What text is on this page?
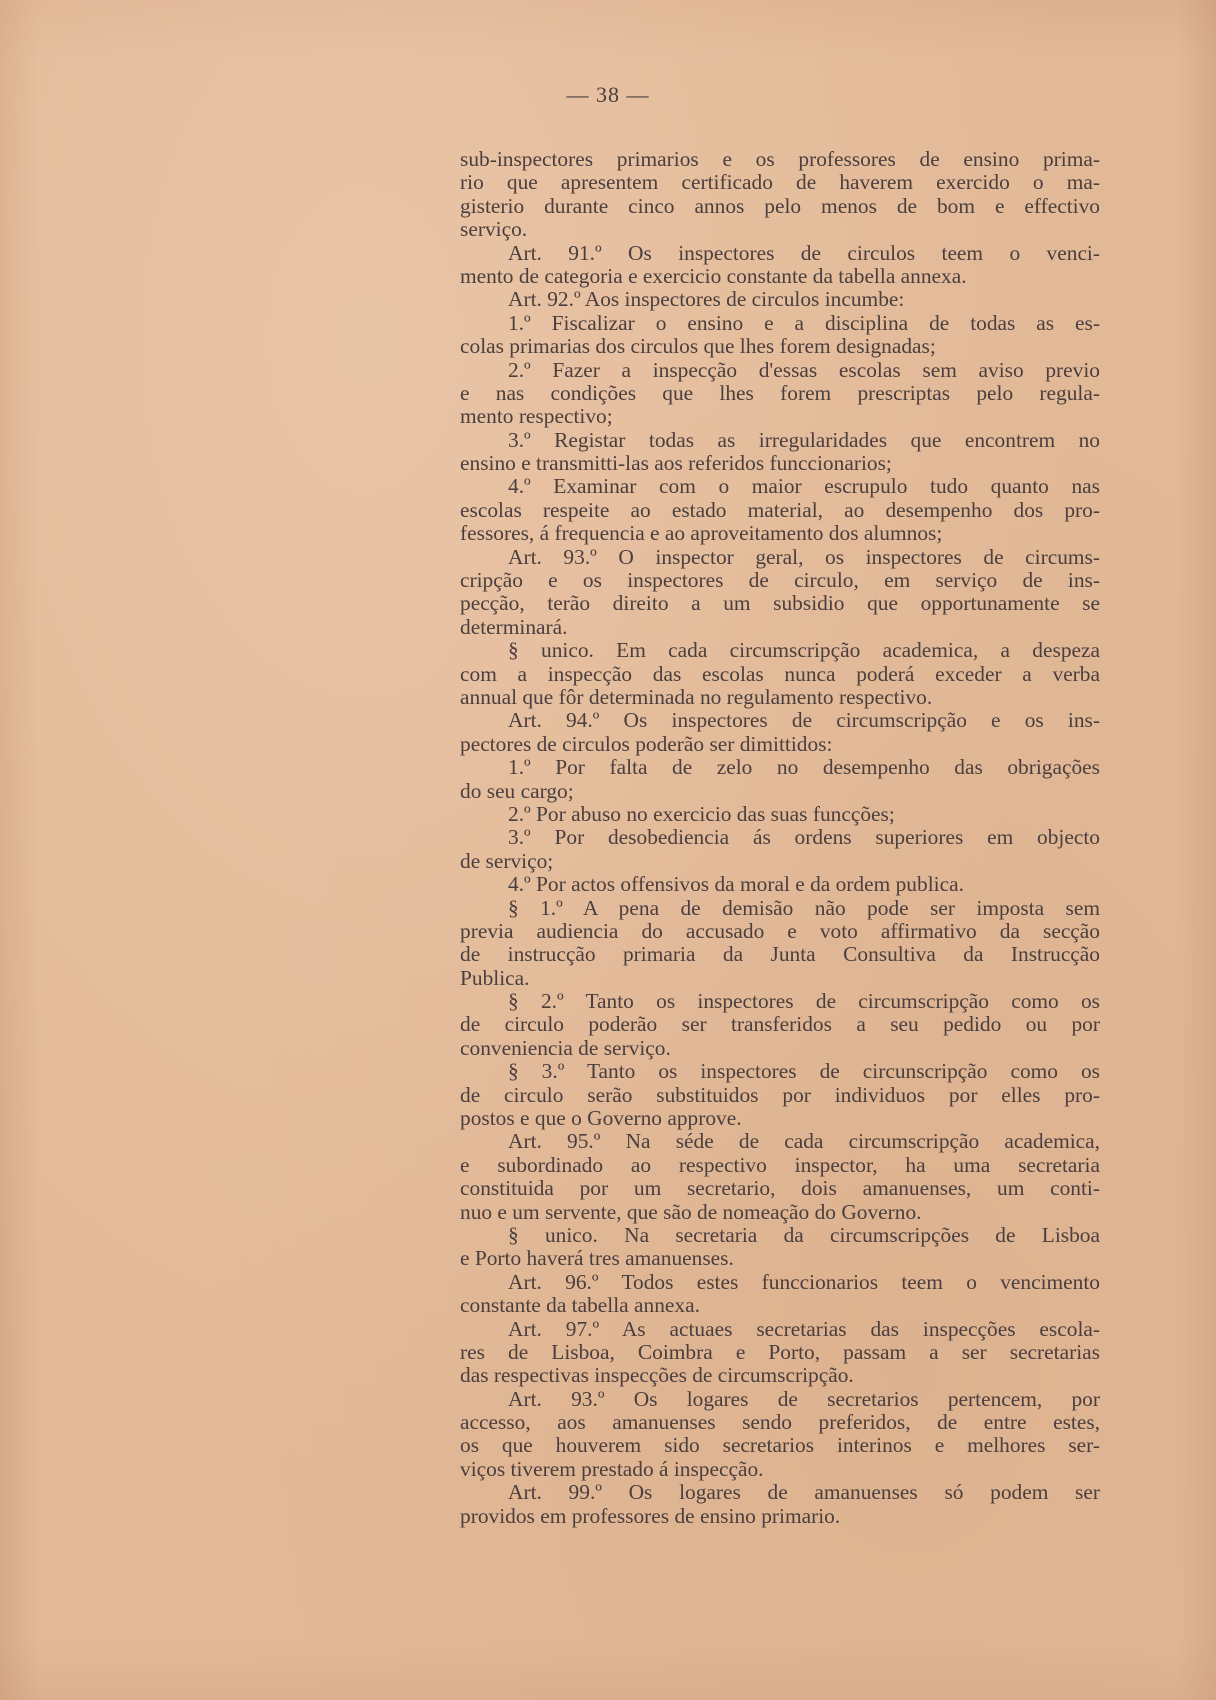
— 38 —
sub-inspectores primarios e os professores de ensino prima-
rio que apresentem certificado de haverem exercido o ma-
gisterio durante cinco annos pelo menos de bom e effectivo
serviço.
Art. 91.º Os inspectores de circulos teem o venci-
mento de categoria e exercicio constante da tabella annexa.
Art. 92.º Aos inspectores de circulos incumbe:
1.º Fiscalizar o ensino e a disciplina de todas as es-
colas primarias dos circulos que lhes forem designadas;
2.º Fazer a inspecção d'essas escolas sem aviso previo
e nas condições que lhes forem prescriptas pelo regula-
mento respectivo;
3.º Registar todas as irregularidades que encontrem no
ensino e transmitti-las aos referidos funccionarios;
4.º Examinar com o maior escrupulo tudo quanto nas
escolas respeite ao estado material, ao desempenho dos pro-
fessores, á frequencia e ao aproveitamento dos alumnos;
Art. 93.º O inspector geral, os inspectores de circums-
cripção e os inspectores de circulo, em serviço de ins-
pecção, terão direito a um subsidio que opportunamente se
determinará.
§ unico. Em cada circumscripção academica, a despeza
com a inspecção das escolas nunca poderá exceder a verba
annual que fôr determinada no regulamento respectivo.
Art. 94.º Os inspectores de circumscripção e os ins-
pectores de circulos poderão ser dimittidos:
1.º Por falta de zelo no desempenho das obrigações
do seu cargo;
2.º Por abuso no exercicio das suas funcções;
3.º Por desobediencia ás ordens superiores em objecto
de serviço;
4.º Por actos offensivos da moral e da ordem publica.
§ 1.º A pena de demisão não pode ser imposta sem
previa audiencia do accusado e voto affirmativo da secção
de instrucção primaria da Junta Consultiva da Instrucção
Publica.
§ 2.º Tanto os inspectores de circumscripção como os
de circulo poderão ser transferidos a seu pedido ou por
conveniencia de serviço.
§ 3.º Tanto os inspectores de circunscripção como os
de circulo serão substituidos por individuos por elles pro-
postos e que o Governo approve.
Art. 95.º Na séde de cada circumscripção academica,
e subordinado ao respectivo inspector, ha uma secretaria
constituida por um secretario, dois amanuenses, um conti-
nuo e um servente, que são de nomeação do Governo.
§ unico. Na secretaria da circumscripções de Lisboa
e Porto haverá tres amanuenses.
Art. 96.º Todos estes funccionarios teem o vencimento
constante da tabella annexa.
Art. 97.º As actuaes secretarias das inspecções escola-
res de Lisboa, Coimbra e Porto, passam a ser secretarias
das respectivas inspecções de circumscripção.
Art. 93.º Os logares de secretarios pertencem, por
accesso, aos amanuenses sendo preferidos, de entre estes,
os que houverem sido secretarios interinos e melhores ser-
viços tiverem prestado á inspecção.
Art. 99.º Os logares de amanuenses só podem ser
providos em professores de ensino primario.
